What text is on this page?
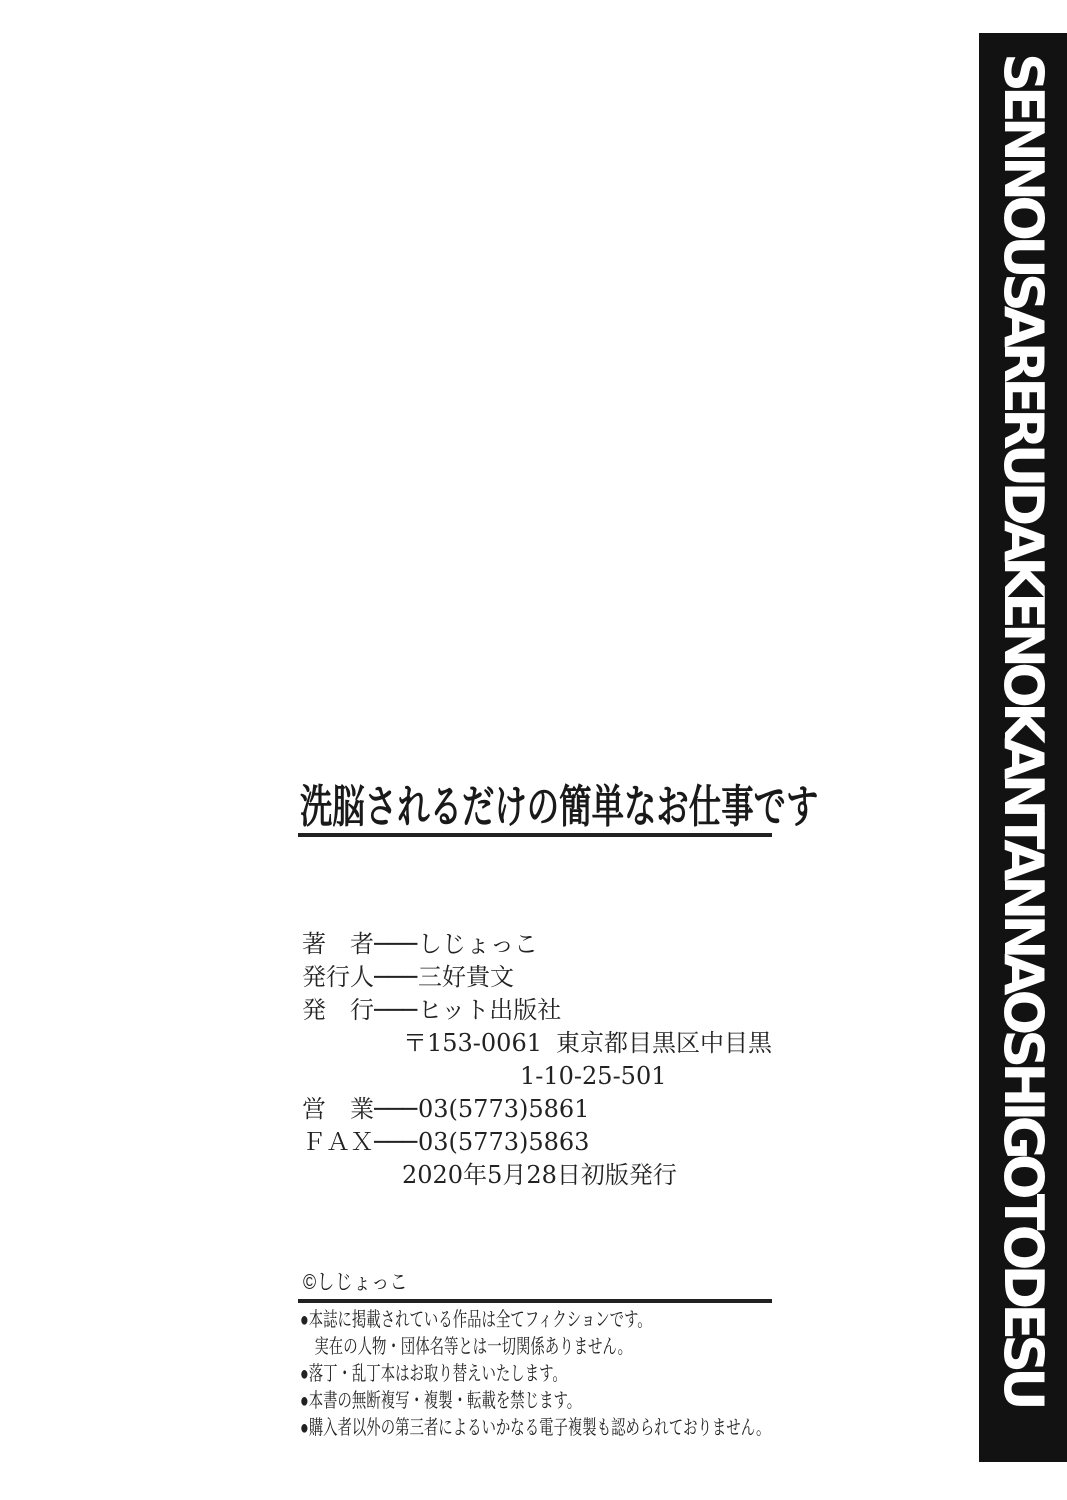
SENNOUSARERUDAKENOKANTANNAOSHIGOTODESU
洗脳されるだけの簡単なお仕事です
著　者───しじょっこ
発行人───三好貴文
発　行───ヒット出版社
〒153-0061 東京都目黒区中目黒
1-10-25-501
営　業───03(5773)5861
ＦＡＸ───03(5773)5863
2020年5月28日初版発行
©しじょっこ
●本誌に掲載されている作品は全てフィクションです。
実在の人物・団体名等とは一切関係ありません。
●落丁・乱丁本はお取り替えいたします。
●本書の無断複写・複製・転載を禁じます。
●購入者以外の第三者によるいかなる電子複製も認められておりません。
